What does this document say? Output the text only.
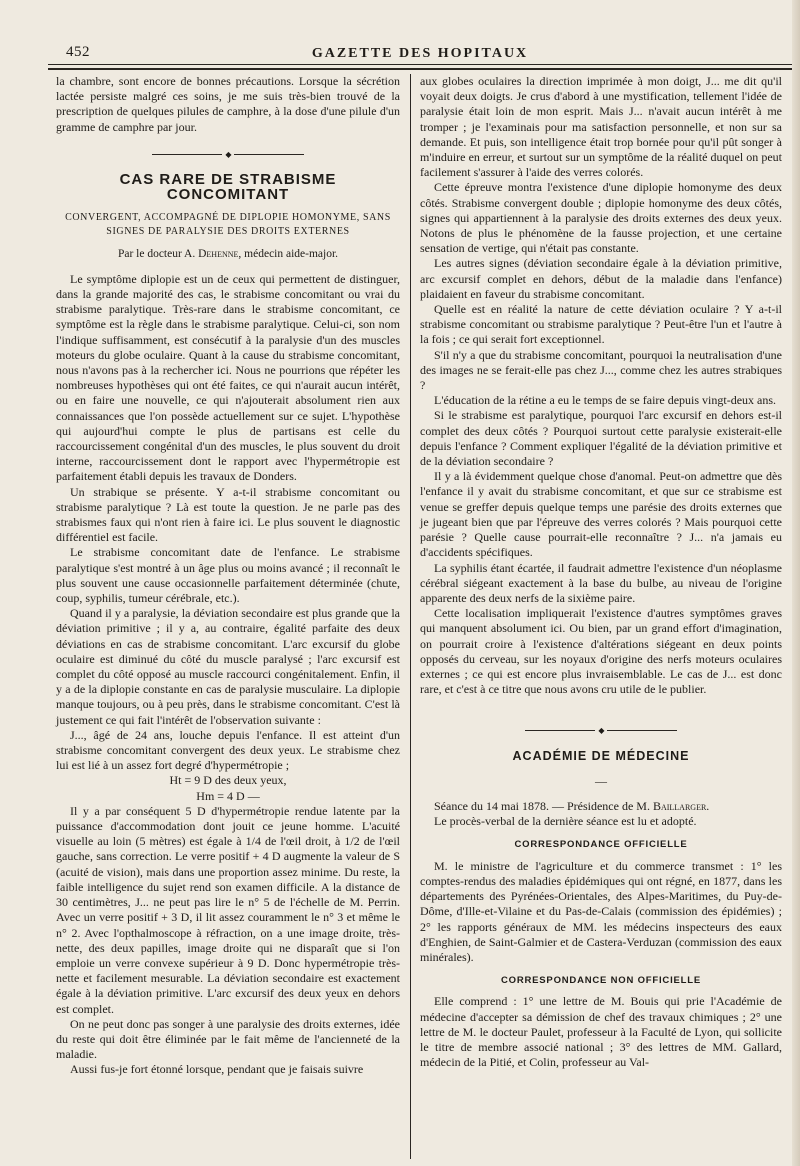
452	GAZETTE DES HOPITAUX

la chambre, sont encore de bonnes précautions. Lorsque la sécrétion lactée persiste malgré ces soins, je me suis très-bien trouvé de la prescription de quelques pilules de camphre, à la dose d'une pilule d'un gramme de camphre par jour.

◆
CAS RARE DE STRABISME CONCOMITANT
CONVERGENT, ACCOMPAGNÉ DE DIPLOPIE HOMONYME, SANS SIGNES DE PARALYSIE DES DROITS EXTERNES
Par le docteur A. Dehenne, médecin aide-major.

Le symptôme diplopie est un de ceux qui permettent de distinguer, dans la grande majorité des cas, le strabisme concomitant ou vrai du strabisme paralytique. Très-rare dans le strabisme concomitant, ce symptôme est la règle dans le strabisme paralytique. Celui-ci, son nom l'indique suffisamment, est consécutif à la paralysie d'un des muscles moteurs du globe oculaire. Quant à la cause du strabisme concomitant, nous n'avons pas à la rechercher ici. Nous ne pourrions que répéter les nombreuses hypothèses qui ont été faites, ce qui n'aurait aucun intérêt, ou en faire une nouvelle, ce qui n'ajouterait absolument rien aux connaissances que l'on possède actuellement sur ce sujet. L'hypothèse qui aujourd'hui compte le plus de partisans est celle du raccourcissement congénital d'un des muscles, le plus souvent du droit interne, raccourcissement dont le rapport avec l'hypermétropie est parfaitement établi depuis les travaux de Donders.

Un strabique se présente. Y a-t-il strabisme concomitant ou strabisme paralytique ? Là est toute la question. Je ne parle pas des strabismes faux qui n'ont rien à faire ici. Le plus souvent le diagnostic différentiel est facile.

Le strabisme concomitant date de l'enfance. Le strabisme paralytique s'est montré à un âge plus ou moins avancé ; il reconnaît le plus souvent une cause occasionnelle parfaitement déterminée (chute, coup, syphilis, tumeur cérébrale, etc.).

Quand il y a paralysie, la déviation secondaire est plus grande que la déviation primitive ; il y a, au contraire, égalité parfaite des deux déviations en cas de strabisme concomitant. L'arc excursif du globe oculaire est diminué du côté du muscle paralysé ; l'arc excursif est complet du côté opposé au muscle raccourci congénitalement. Enfin, il y a de la diplopie constante en cas de paralysie musculaire. La diplopie manque toujours, ou à peu près, dans le strabisme concomitant. C'est là justement ce qui fait l'intérêt de l'observation suivante :

J..., âgé de 24 ans, louche depuis l'enfance. Il est atteint d'un strabisme concomitant convergent des deux yeux. Le strabisme chez lui est lié à un assez fort degré d'hypermétropie ;

Ht = 9 D des deux yeux,
Hm = 4 D —

Il y a par conséquent 5 D d'hypermétropie rendue latente par la puissance d'accommodation dont jouit ce jeune homme. L'acuité visuelle au loin (5 mètres) est égale à 1/4 de l'œil droit, à 1/2 de l'œil gauche, sans correction. Le verre positif + 4 D augmente la valeur de S (acuité de vision), mais dans une proportion assez minime. Du reste, la faible intelligence du sujet rend son examen difficile. A la distance de 30 centimètres, J... ne peut pas lire le n° 5 de l'échelle de M. Perrin. Avec un verre positif + 3 D, il lit assez couramment le n° 3 et même le n° 2. Avec l'opthalmoscope à réfraction, on a une image droite, très-nette, des deux papilles, image droite qui ne disparaît que si l'on emploie un verre convexe supérieur à 9 D. Donc hypermétropie très-nette et facilement mesurable. La déviation secondaire est exactement égale à la déviation primitive. L'arc excursif des deux yeux en dehors est complet.

On ne peut donc pas songer à une paralysie des droits externes, idée du reste qui doit être éliminée par le fait même de l'ancienneté de la maladie.

Aussi fus-je fort étonné lorsque, pendant que je faisais suivre

aux globes oculaires la direction imprimée à mon doigt, J... me dit qu'il voyait deux doigts. Je crus d'abord à une mystification, tellement l'idée de paralysie était loin de mon esprit. Mais J... n'avait aucun intérêt à me tromper ; je l'examinais pour ma satisfaction personnelle, et non sur sa demande. Et puis, son intelligence était trop bornée pour qu'il pût songer à m'induire en erreur, et surtout sur un symptôme de la réalité duquel on peut facilement s'assurer à l'aide des verres colorés.

Cette épreuve montra l'existence d'une diplopie homonyme des deux côtés. Strabisme convergent double ; diplopie homonyme des deux côtés, signes qui appartiennent à la paralysie des droits externes des deux yeux. Notons de plus le phénomène de la fausse projection, et une certaine sensation de vertige, qui n'était pas constante.

Les autres signes (déviation secondaire égale à la déviation primitive, arc excursif complet en dehors, début de la maladie dans l'enfance) plaidaient en faveur du strabisme concomitant.

Quelle est en réalité la nature de cette déviation oculaire ? Y a-t-il strabisme concomitant ou strabisme paralytique ? Peut-être l'un et l'autre à la fois ; ce qui serait fort exceptionnel.

S'il n'y a que du strabisme concomitant, pourquoi la neutralisation d'une des images ne se ferait-elle pas chez J..., comme chez les autres strabiques ?

L'éducation de la rétine a eu le temps de se faire depuis vingt-deux ans.

Si le strabisme est paralytique, pourquoi l'arc excursif en dehors est-il complet des deux côtés ? Pourquoi surtout cette paralysie existerait-elle depuis l'enfance ? Comment expliquer l'égalité de la déviation primitive et de la déviation secondaire ?

Il y a là évidemment quelque chose d'anomal. Peut-on admettre que dès l'enfance il y avait du strabisme concomitant, et que sur ce strabisme est venue se greffer depuis quelque temps une parésie des droits externes que je jugeant bien que par l'épreuve des verres colorés ? Mais pourquoi cette parésie ? Quelle cause pourrait-elle reconnaître ? J... n'a jamais eu d'accidents spécifiques.

La syphilis étant écartée, il faudrait admettre l'existence d'un néoplasme cérébral siégeant exactement à la base du bulbe, au niveau de l'origine apparente des deux nerfs de la sixième paire.

Cette localisation impliquerait l'existence d'autres symptômes graves qui manquent absolument ici. Ou bien, par un grand effort d'imagination, on pourrait croire à l'existence d'altérations siégeant en deux points opposés du cerveau, sur les noyaux d'origine des nerfs moteurs oculaires externes ; ce qui est encore plus invraisemblable. Le cas de J... est donc rare, et c'est à ce titre que nous avons cru utile de le publier.

◆
ACADÉMIE DE MÉDECINE
—

Séance du 14 mai 1878. — Présidence de M. Baillarger.

Le procès-verbal de la dernière séance est lu et adopté.

CORRESPONDANCE OFFICIELLE

M. le ministre de l'agriculture et du commerce transmet : 1° les comptes-rendus des maladies épidémiques qui ont régné, en 1877, dans les départements des Pyrénées-Orientales, des Alpes-Maritimes, du Puy-de-Dôme, d'Ille-et-Vilaine et du Pas-de-Calais (commission des épidémies) ; 2° les rapports généraux de MM. les médecins inspecteurs des eaux d'Enghien, de Saint-Galmier et de Castera-Verduzan (commission des eaux minérales).

CORRESPONDANCE NON OFFICIELLE

Elle comprend : 1° une lettre de M. Bouis qui prie l'Académie de médecine d'accepter sa démission de chef des travaux chimiques ; 2° une lettre de M. le docteur Paulet, professeur à la Faculté de Lyon, qui sollicite le titre de membre associé national ; 3° des lettres de MM. Gallard, médecin de la Pitié, et Colin, professeur au Val-
